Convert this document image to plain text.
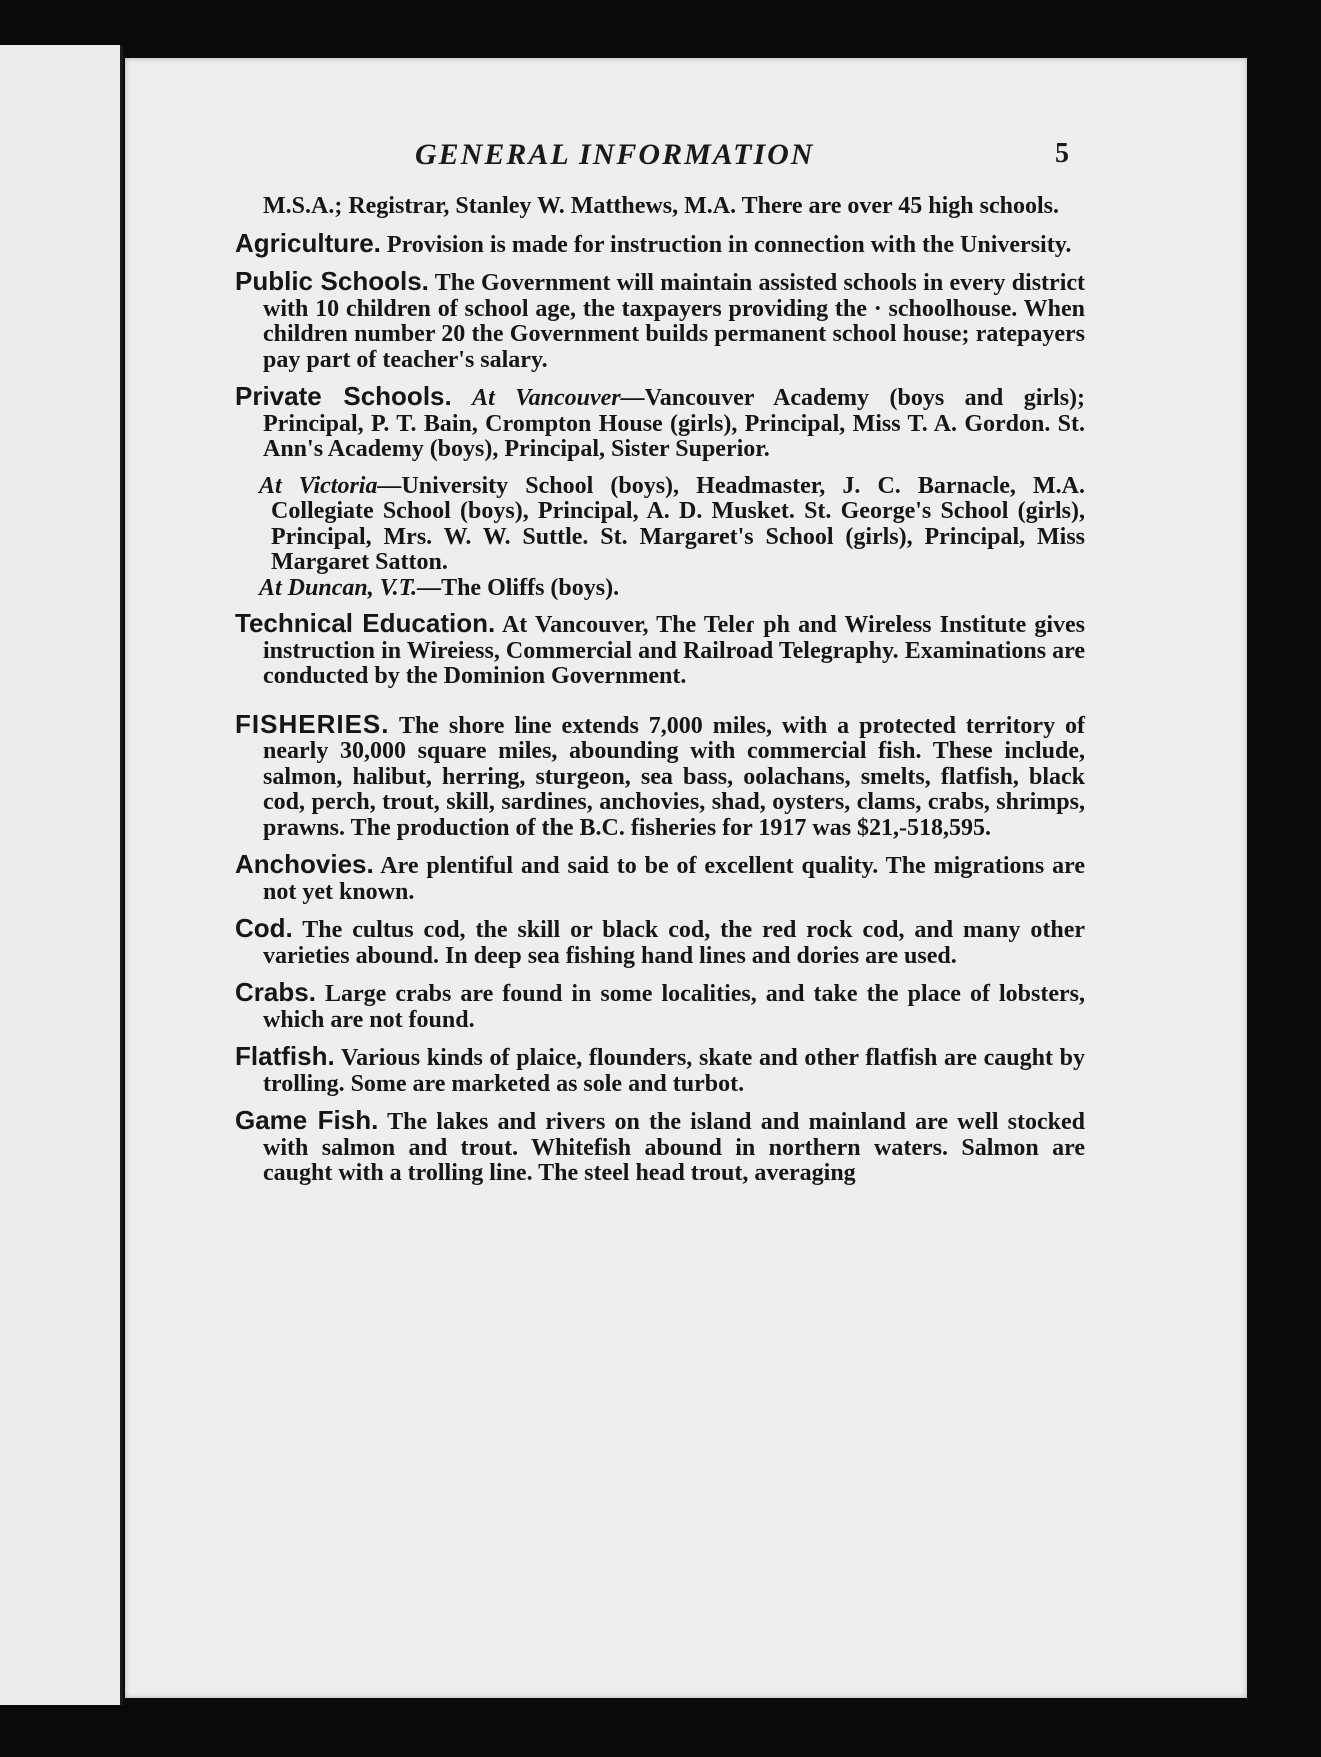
GENERAL INFORMATION	5
M.S.A.; Registrar, Stanley W. Matthews, M.A. There are over 45 high schools.
Agriculture. Provision is made for instruction in connection with the University.
Public Schools. The Government will maintain assisted schools in every district with 10 children of school age, the taxpayers providing the · schoolhouse. When children number 20 the Government builds permanent school house; ratepayers pay part of teacher's salary.
Private Schools. At Vancouver—Vancouver Academy (boys and girls); Principal, P. T. Bain, Crompton House (girls), Principal, Miss T. A. Gordon. St. Ann's Academy (boys), Principal, Sister Superior.
At Victoria—University School (boys), Headmaster, J. C. Barnacle, M.A. Collegiate School (boys), Principal, A. D. Musket. St. George's School (girls), Principal, Mrs. W. W. Suttle. St. Margaret's School (girls), Principal, Miss Margaret Satton.
At Duncan, V.T.—The Oliffs (boys).
Technical Education. At Vancouver, The Teleɾ ph and Wireless Institute gives instruction in Wireiess, Commercial and Railroad Telegraphy. Examinations are conducted by the Dominion Government.
FISHERIES. The shore line extends 7,000 miles, with a protected territory of nearly 30,000 square miles, abounding with commercial fish. These include, salmon, halibut, herring, sturgeon, sea bass, oolachans, smelts, flatfish, black cod, perch, trout, skill, sardines, anchovies, shad, oysters, clams, crabs, shrimps, prawns. The production of the B.C. fisheries for 1917 was $21,-518,595.
Anchovies. Are plentiful and said to be of excellent quality. The migrations are not yet known.
Cod. The cultus cod, the skill or black cod, the red rock cod, and many other varieties abound. In deep sea fishing hand lines and dories are used.
Crabs. Large crabs are found in some localities, and take the place of lobsters, which are not found.
Flatfish. Various kinds of plaice, flounders, skate and other flatfish are caught by trolling. Some are marketed as sole and turbot.
Game Fish. The lakes and rivers on the island and mainland are well stocked with salmon and trout. Whitefish abound in northern waters. Salmon are caught with a trolling line. The steel head trout, averaging
